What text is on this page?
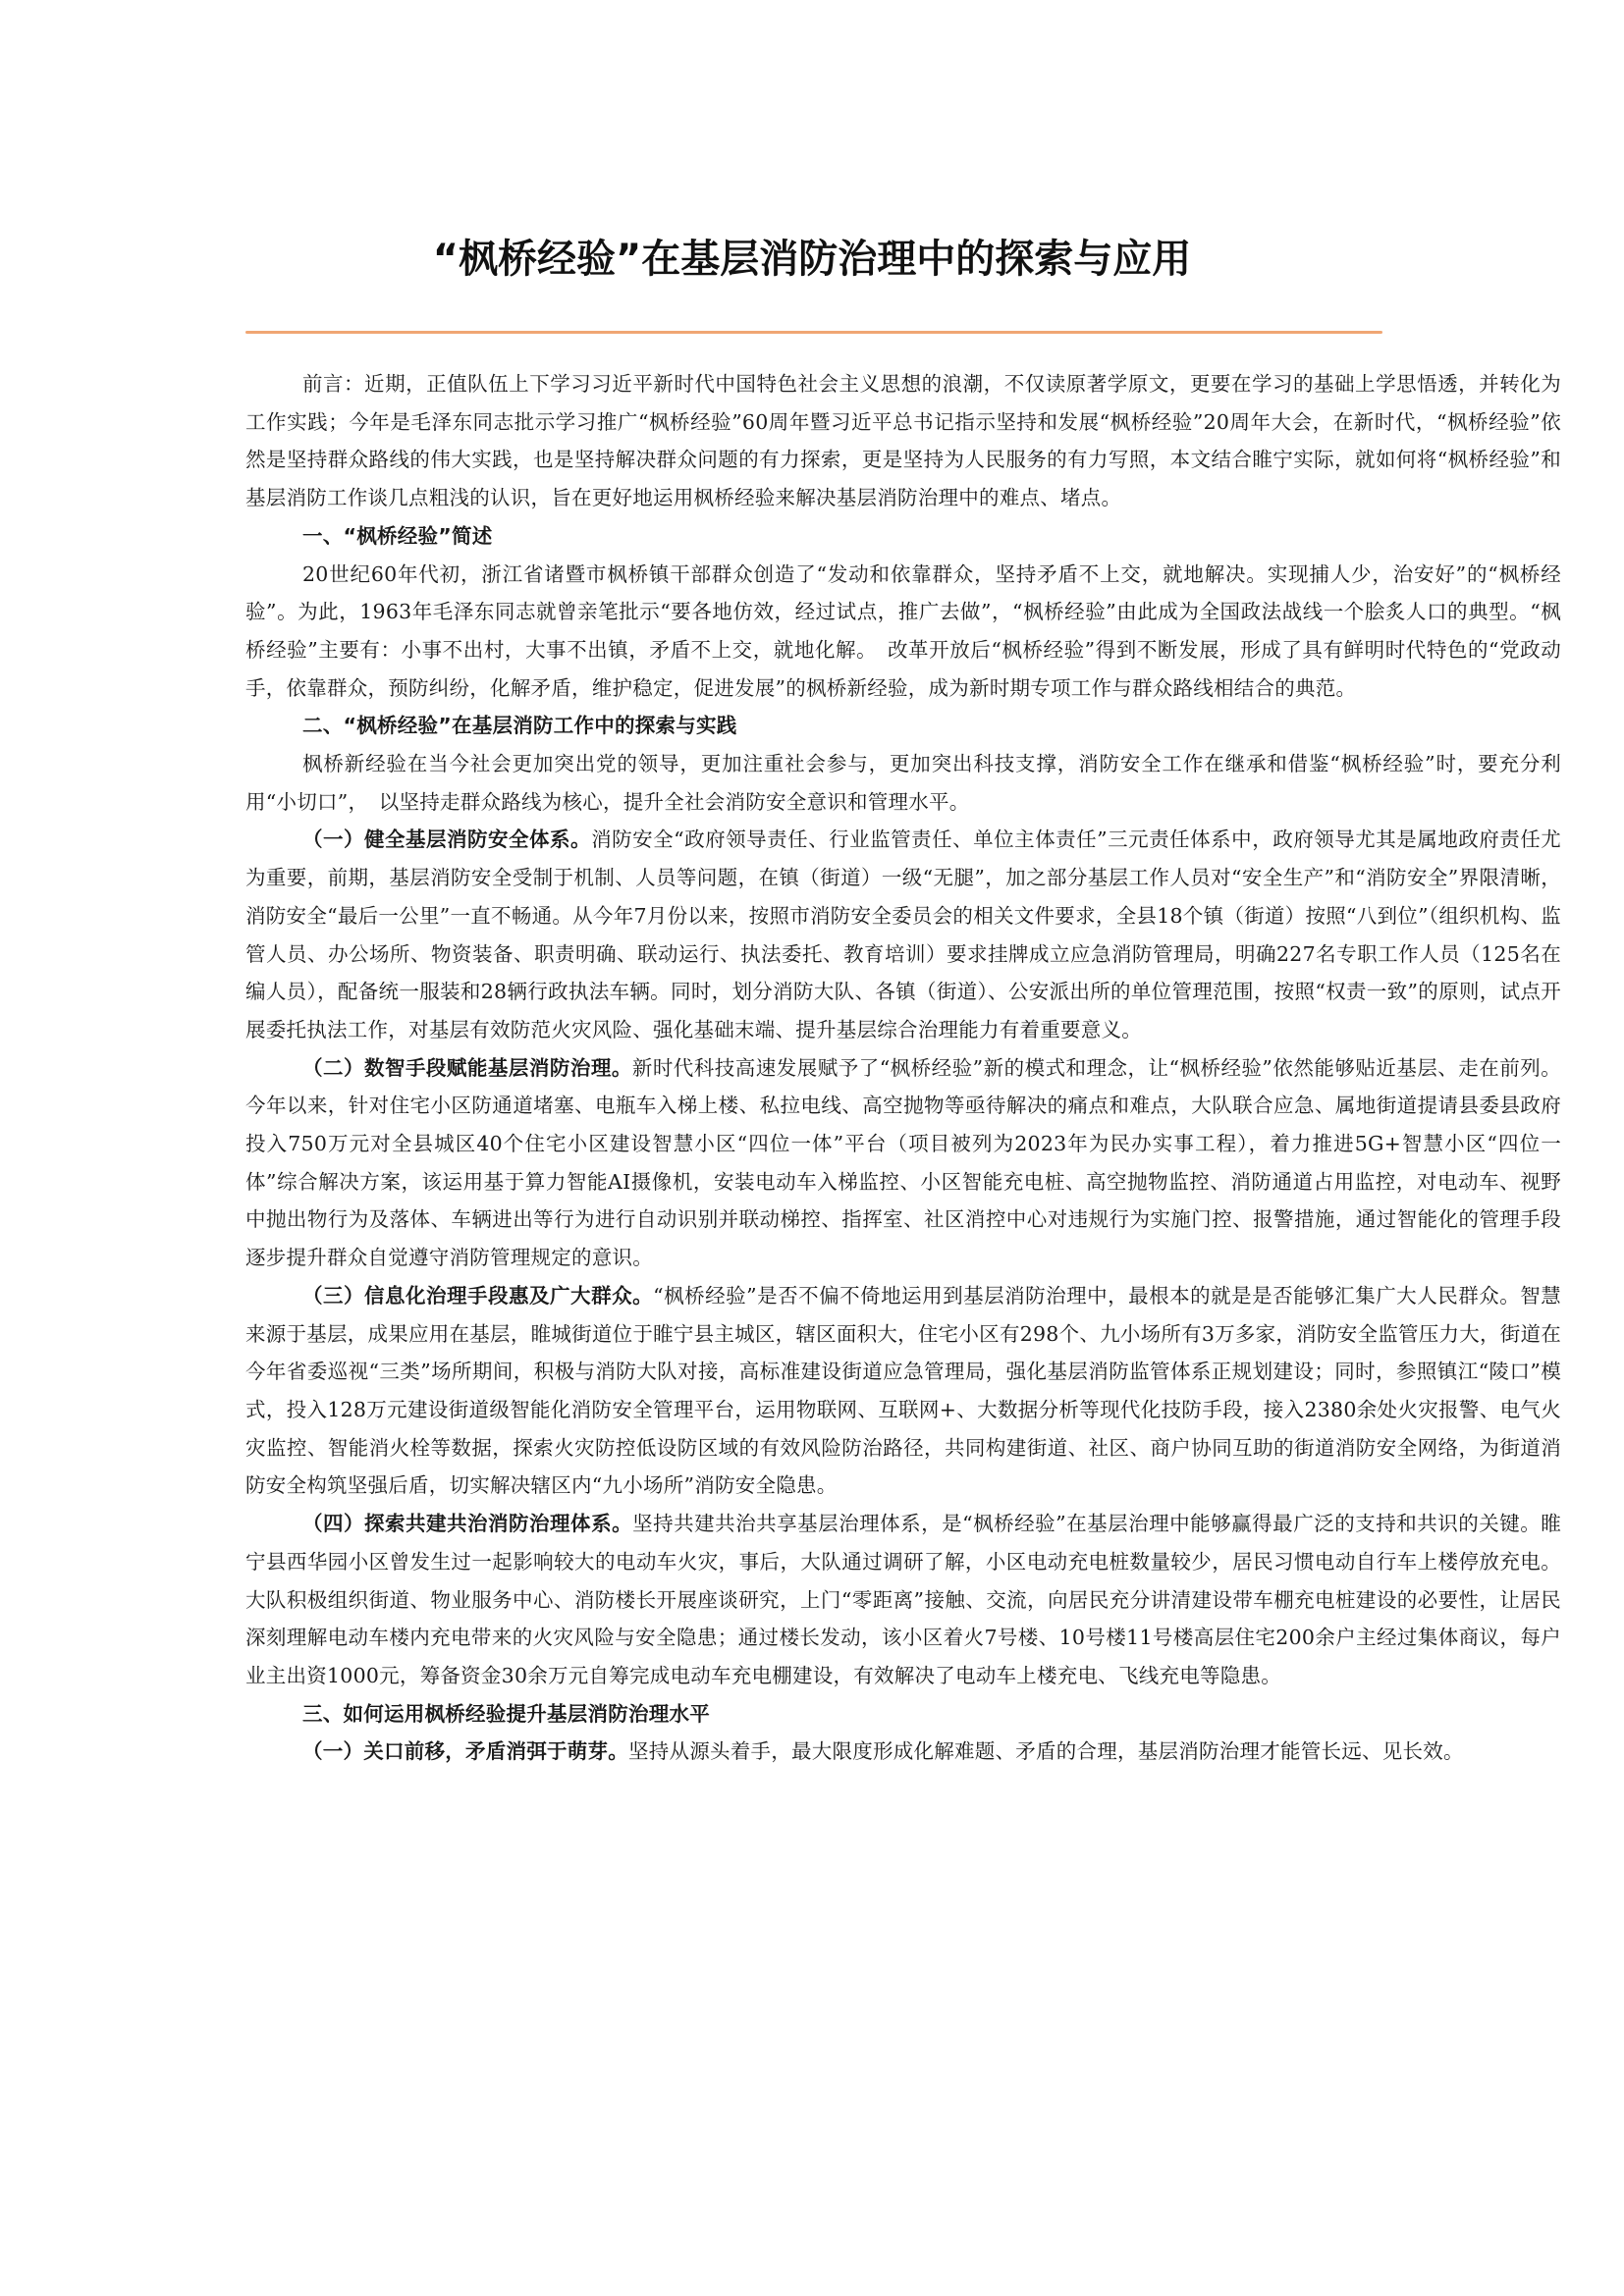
“枫桥经验”在基层消防治理中的探索与应用

前言：近期，正值队伍上下学习习近平新时代中国特色社会主义思想的浪潮，不仅读原著学原文，更要在学习的基础上学思悟透，并转化为工作实践；今年是毛泽东同志批示学习推广“枫桥经验”60周年暨习近平总书记指示坚持和发展“枫桥经验”20周年大会，在新时代，“枫桥经验”依然是坚持群众路线的伟大实践，也是坚持解决群众问题的有力探索，更是坚持为人民服务的有力写照，本文结合睢宁实际，就如何将“枫桥经验”和基层消防工作谈几点粗浅的认识，旨在更好地运用枫桥经验来解决基层消防治理中的难点、堵点。

一、“枫桥经验”简述

20世纪60年代初，浙江省诸暨市枫桥镇干部群众创造了“发动和依靠群众，坚持矛盾不上交，就地解决。实现捕人少，治安好”的“枫桥经验”。为此，1963年毛泽东同志就曾亲笔批示“要各地仿效，经过试点，推广去做”，“枫桥经验”由此成为全国政法战线一个脍炙人口的典型。“枫桥经验”主要有：小事不出村，大事不出镇，矛盾不上交，就地化解。　改革开放后“枫桥经验”得到不断发展，形成了具有鲜明时代特色的“党政动手，依靠群众，预防纠纷，化解矛盾，维护稳定，促进发展”的枫桥新经验，成为新时期专项工作与群众路线相结合的典范。

二、“枫桥经验”在基层消防工作中的探索与实践

枫桥新经验在当今社会更加突出党的领导，更加注重社会参与，更加突出科技支撑，消防安全工作在继承和借鉴“枫桥经验”时，要充分利用“小切口”，　以坚持走群众路线为核心，提升全社会消防安全意识和管理水平。

（一）健全基层消防安全体系。消防安全“政府领导责任、行业监管责任、单位主体责任”三元责任体系中，政府领导尤其是属地政府责任尤为重要，前期，基层消防安全受制于机制、人员等问题，在镇（街道）一级“无腿”，加之部分基层工作人员对“安全生产”和“消防安全”界限清晰，消防安全“最后一公里”一直不畅通。从今年7月份以来，按照市消防安全委员会的相关文件要求，全县18个镇（街道）按照“八到位”（组织机构、监管人员、办公场所、物资装备、职责明确、联动运行、执法委托、教育培训）要求挂牌成立应急消防管理局，明确227名专职工作人员（125名在编人员），配备统一服装和28辆行政执法车辆。同时，划分消防大队、各镇（街道）、公安派出所的单位管理范围，按照“权责一致”的原则，试点开展委托执法工作，对基层有效防范火灾风险、强化基础末端、提升基层综合治理能力有着重要意义。

（二）数智手段赋能基层消防治理。新时代科技高速发展赋予了“枫桥经验”新的模式和理念，让“枫桥经验”依然能够贴近基层、走在前列。今年以来，针对住宅小区防通道堵塞、电瓶车入梯上楼、私拉电线、高空抛物等亟待解决的痛点和难点，大队联合应急、属地街道提请县委县政府投入750万元对全县城区40个住宅小区建设智慧小区“四位一体”平台（项目被列为2023年为民办实事工程），着力推进5G+智慧小区“四位一体”综合解决方案，该运用基于算力智能AI摄像机，安装电动车入梯监控、小区智能充电桩、高空抛物监控、消防通道占用监控，对电动车、视野中抛出物行为及落体、车辆进出等行为进行自动识别并联动梯控、指挥室、社区消控中心对违规行为实施门控、报警措施，通过智能化的管理手段逐步提升群众自觉遵守消防管理规定的意识。

（三）信息化治理手段惠及广大群众。“枫桥经验”是否不偏不倚地运用到基层消防治理中，最根本的就是是否能够汇集广大人民群众。智慧来源于基层，成果应用在基层，睢城街道位于睢宁县主城区，辖区面积大，住宅小区有298个、九小场所有3万多家，消防安全监管压力大，街道在今年省委巡视“三类”场所期间，积极与消防大队对接，高标准建设街道应急管理局，强化基层消防监管体系正规划建设；同时，参照镇江“陵口”模式，投入128万元建设街道级智能化消防安全管理平台，运用物联网、互联网+、大数据分析等现代化技防手段，接入2380余处火灾报警、电气火灾监控、智能消火栓等数据，探索火灾防控低设防区域的有效风险防治路径，共同构建街道、社区、商户协同互助的街道消防安全网络，为街道消防安全构筑坚强后盾，切实解决辖区内“九小场所”消防安全隐患。

（四）探索共建共治消防治理体系。坚持共建共治共享基层治理体系，是“枫桥经验”在基层治理中能够赢得最广泛的支持和共识的关键。睢宁县西华园小区曾发生过一起影响较大的电动车火灾，事后，大队通过调研了解，小区电动充电桩数量较少，居民习惯电动自行车上楼停放充电。大队积极组织街道、物业服务中心、消防楼长开展座谈研究，上门“零距离”接触、交流，向居民充分讲清建设带车棚充电桩建设的必要性，让居民深刻理解电动车楼内充电带来的火灾风险与安全隐患；通过楼长发动，该小区着火7号楼、10号楼11号楼高层住宅200余户主经过集体商议，每户业主出资1000元，筹备资金30余万元自筹完成电动车充电棚建设，有效解决了电动车上楼充电、飞线充电等隐患。

三、如何运用枫桥经验提升基层消防治理水平

（一）关口前移，矛盾消弭于萌芽。坚持从源头着手，最大限度形成化解难题、矛盾的合理，基层消防治理才能管长远、见长效。
